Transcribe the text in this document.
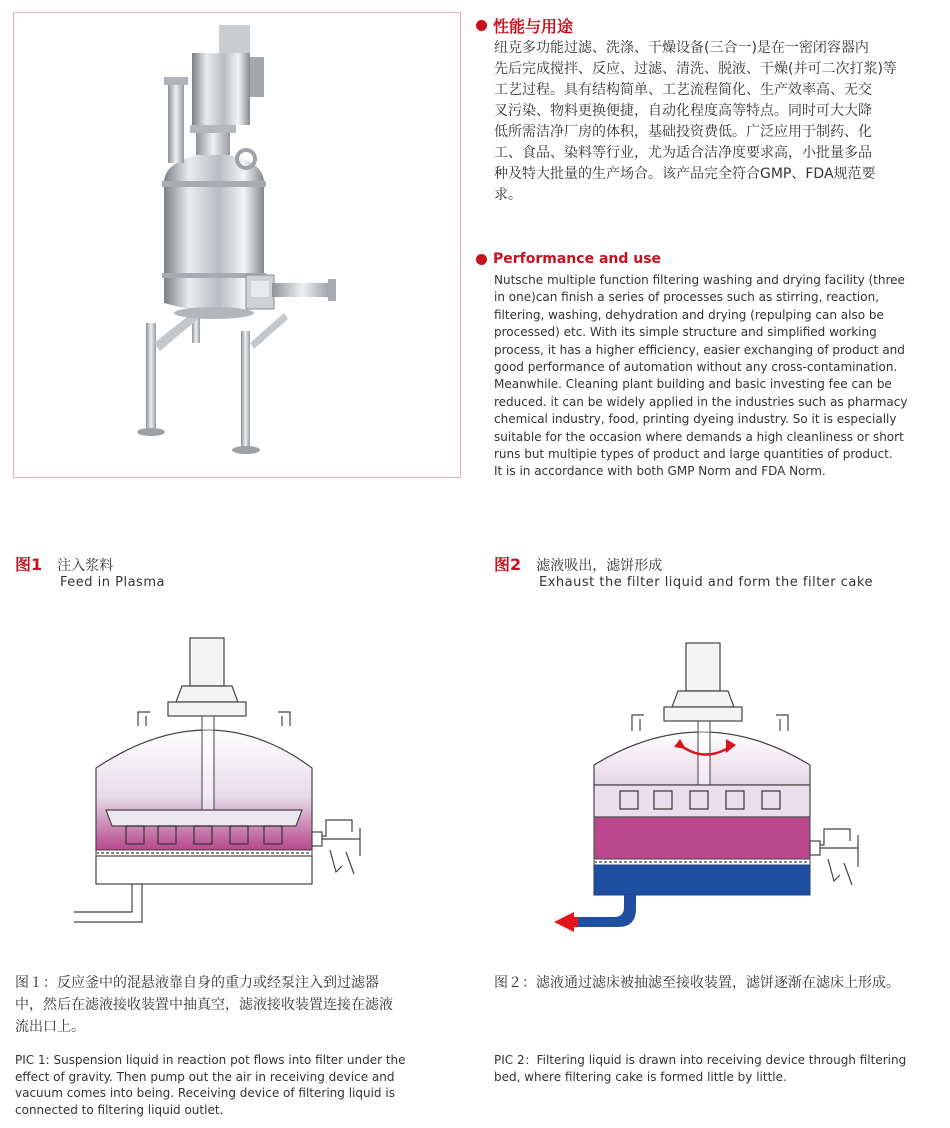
性能与用途
纽克多功能过滤、洗涤、干燥设备(三合一)是在一密闭容器内
先后完成搅拌、反应、过滤、清洗、脱液、干燥(并可二次打浆)等
工艺过程。具有结构简单、工艺流程简化、生产效率高、无交
叉污染、物料更换便捷，自动化程度高等特点。同时可大大降
低所需洁净厂房的体积，基础投资费低。广泛应用于制药、化
工、食品、染料等行业，尤为适合洁净度要求高，小批量多品
种及特大批量的生产场合。该产品完全符合GMP、FDA规范要
求。
Performance and use
Nutsche multiple function filtering washing and drying facility (three
in one)can finish a series of processes such as stirring, reaction,
filtering, washing, dehydration and drying (repulping can also be
processed) etc. With its simple structure and simplified working
process, it has a higher efficiency, easier exchanging of product and
good performance of automation without any cross-contamination.
Meanwhile. Cleaning plant building and basic investing fee can be
reduced. it can be widely applied in the industries such as pharmacy
chemical industry, food, printing dyeing industry. So it is especially
suitable for the occasion where demands a high cleanliness or short
runs but multipie types of product and large quantities of product.
It is in accordance with both GMP Norm and FDA Norm.
图1 注入浆料
Feed in Plasma
图2 滤液吸出，滤饼形成
Exhaust the filter liquid and form the filter cake
图１：反应釜中的混悬液靠自身的重力或经泵注入到过滤器
中，然后在滤液接收装置中抽真空，滤液接收装置连接在滤液
流出口上。
PIC 1: Suspension liquid in reaction pot flows into filter under the
effect of gravity. Then pump out the air in receiving device and
vacuum comes into being. Receiving device of filtering liquid is
connected to filtering liquid outlet.
图２：滤液通过滤床被抽滤至接收装置，滤饼逐渐在滤床上形成。
PIC 2：Filtering liquid is drawn into receiving device through filtering
bed, where filtering cake is formed little by little.
